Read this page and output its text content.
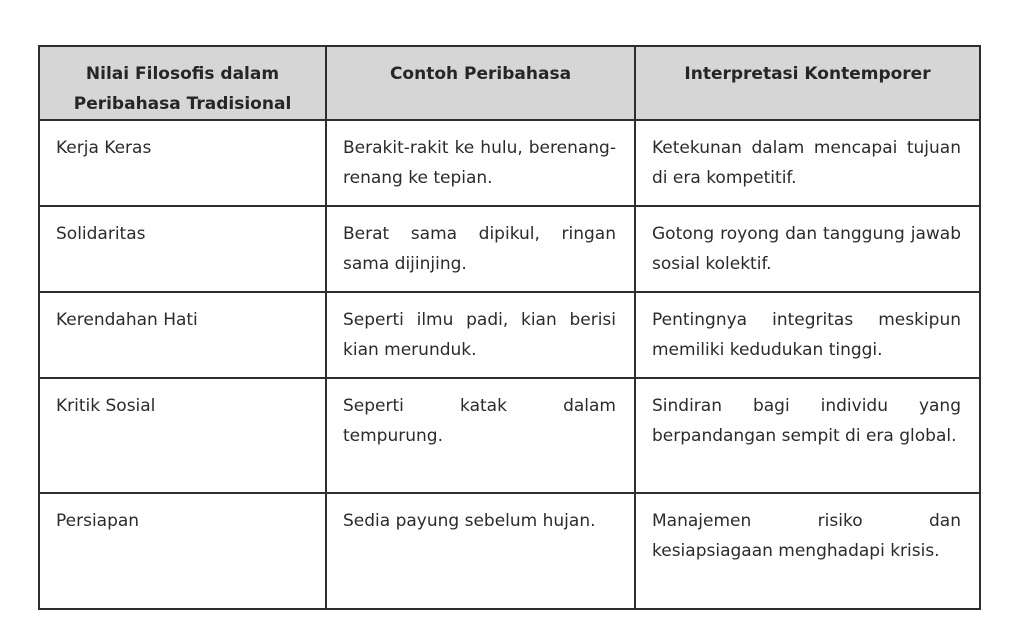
Nilai Filosofis dalam Peribahasa Tradisional	Contoh Peribahasa	Interpretasi Kontemporer
Kerja Keras	Berakit-rakit ke hulu, berenang-renang ke tepian.	Ketekunan dalam mencapai tujuan di era kompetitif.
Solidaritas	Berat sama dipikul, ringan sama dijinjing.	Gotong royong dan tanggung jawab sosial kolektif.
Kerendahan Hati	Seperti ilmu padi, kian berisi kian merunduk.	Pentingnya integritas meskipun memiliki kedudukan tinggi.
Kritik Sosial	Seperti katak dalam tempurung.	Sindiran bagi individu yang berpandangan sempit di era global.
Persiapan	Sedia payung sebelum hujan.	Manajemen risiko dan kesiapsiagaan menghadapi krisis.
